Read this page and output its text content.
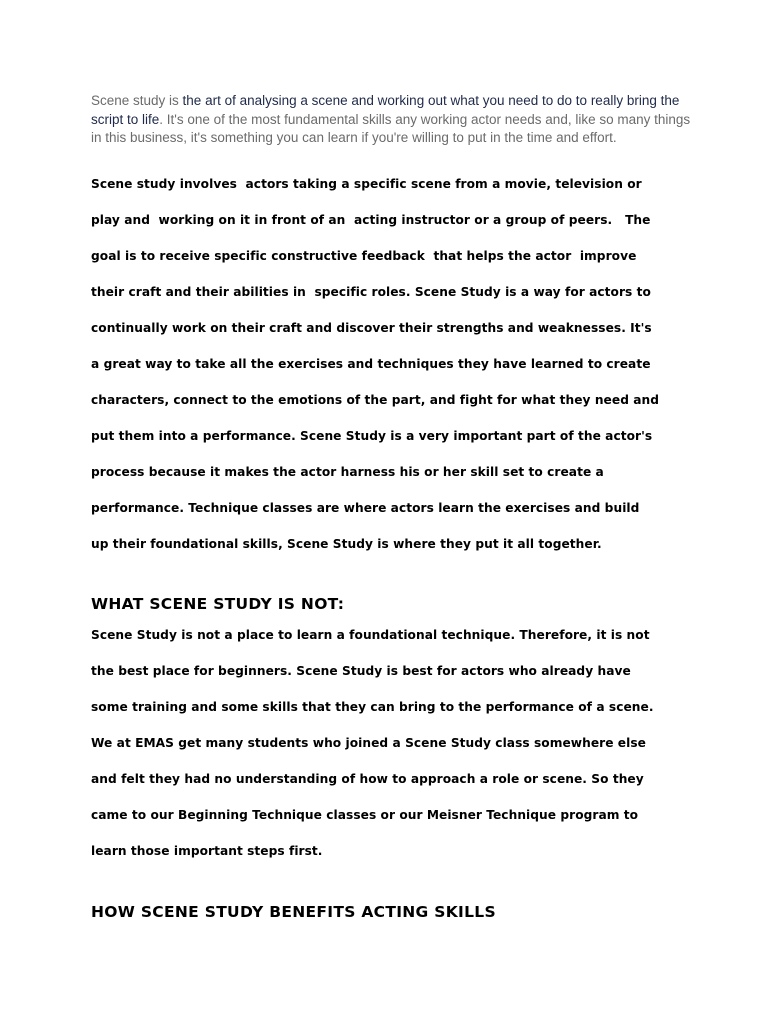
Scene study is the art of analysing a scene and working out what you need to do to really bring the script to life. It's one of the most fundamental skills any working actor needs and, like so many things in this business, it's something you can learn if you're willing to put in the time and effort.

Scene study involves  actors taking a specific scene from a movie, television or
play and  working on it in front of an  acting instructor or a group of peers.   The
goal is to receive specific constructive feedback  that helps the actor  improve
their craft and their abilities in  specific roles. Scene Study is a way for actors to
continually work on their craft and discover their strengths and weaknesses. It's
a great way to take all the exercises and techniques they have learned to create
characters, connect to the emotions of the part, and fight for what they need and
put them into a performance. Scene Study is a very important part of the actor's
process because it makes the actor harness his or her skill set to create a
performance. Technique classes are where actors learn the exercises and build
up their foundational skills, Scene Study is where they put it all together.
WHAT SCENE STUDY IS NOT:
Scene Study is not a place to learn a foundational technique. Therefore, it is not
the best place for beginners. Scene Study is best for actors who already have
some training and some skills that they can bring to the performance of a scene.
We at EMAS get many students who joined a Scene Study class somewhere else
and felt they had no understanding of how to approach a role or scene. So they
came to our Beginning Technique classes or our Meisner Technique program to
learn those important steps first.
HOW SCENE STUDY BENEFITS ACTING SKILLS
